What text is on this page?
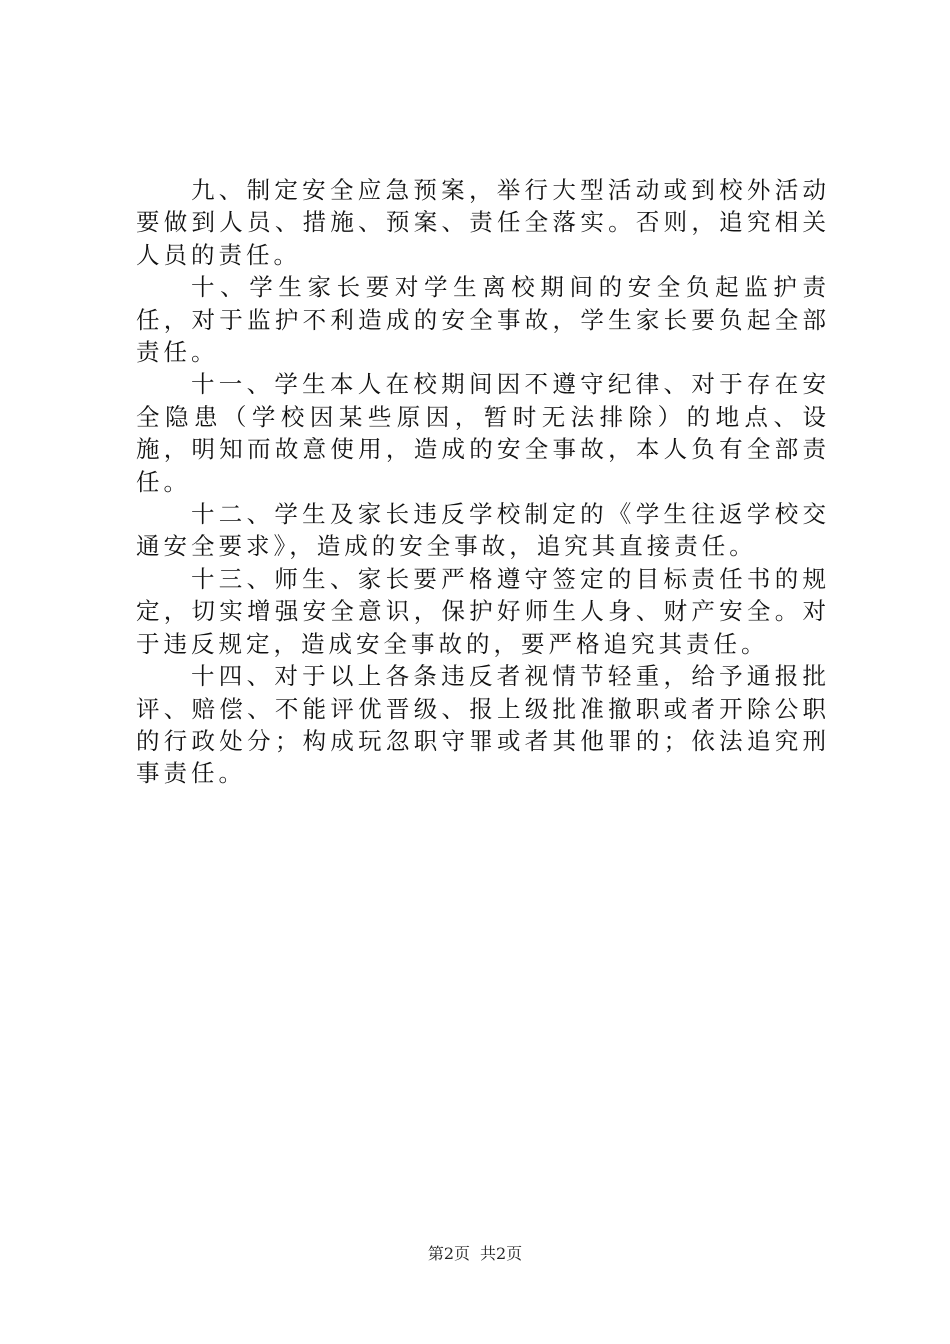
九、制定安全应急预案，举行大型活动或到校外活动要做到人员、措施、预案、责任全落实。否则，追究相关人员的责任。

十、学生家长要对学生离校期间的安全负起监护责任，对于监护不利造成的安全事故，学生家长要负起全部责任。

十一、学生本人在校期间因不遵守纪律、对于存在安全隐患（学校因某些原因，暂时无法排除）的地点、设施，明知而故意使用，造成的安全事故，本人负有全部责任。

十二、学生及家长违反学校制定的《学生往返学校交通安全要求》，造成的安全事故，追究其直接责任。

十三、师生、家长要严格遵守签定的目标责任书的规定，切实增强安全意识，保护好师生人身、财产安全。对于违反规定，造成安全事故的，要严格追究其责任。

十四、对于以上各条违反者视情节轻重，给予通报批评、赔偿、不能评优晋级、报上级批准撤职或者开除公职的行政处分；构成玩忽职守罪或者其他罪的；依法追究刑事责任。

第2页 共2页
